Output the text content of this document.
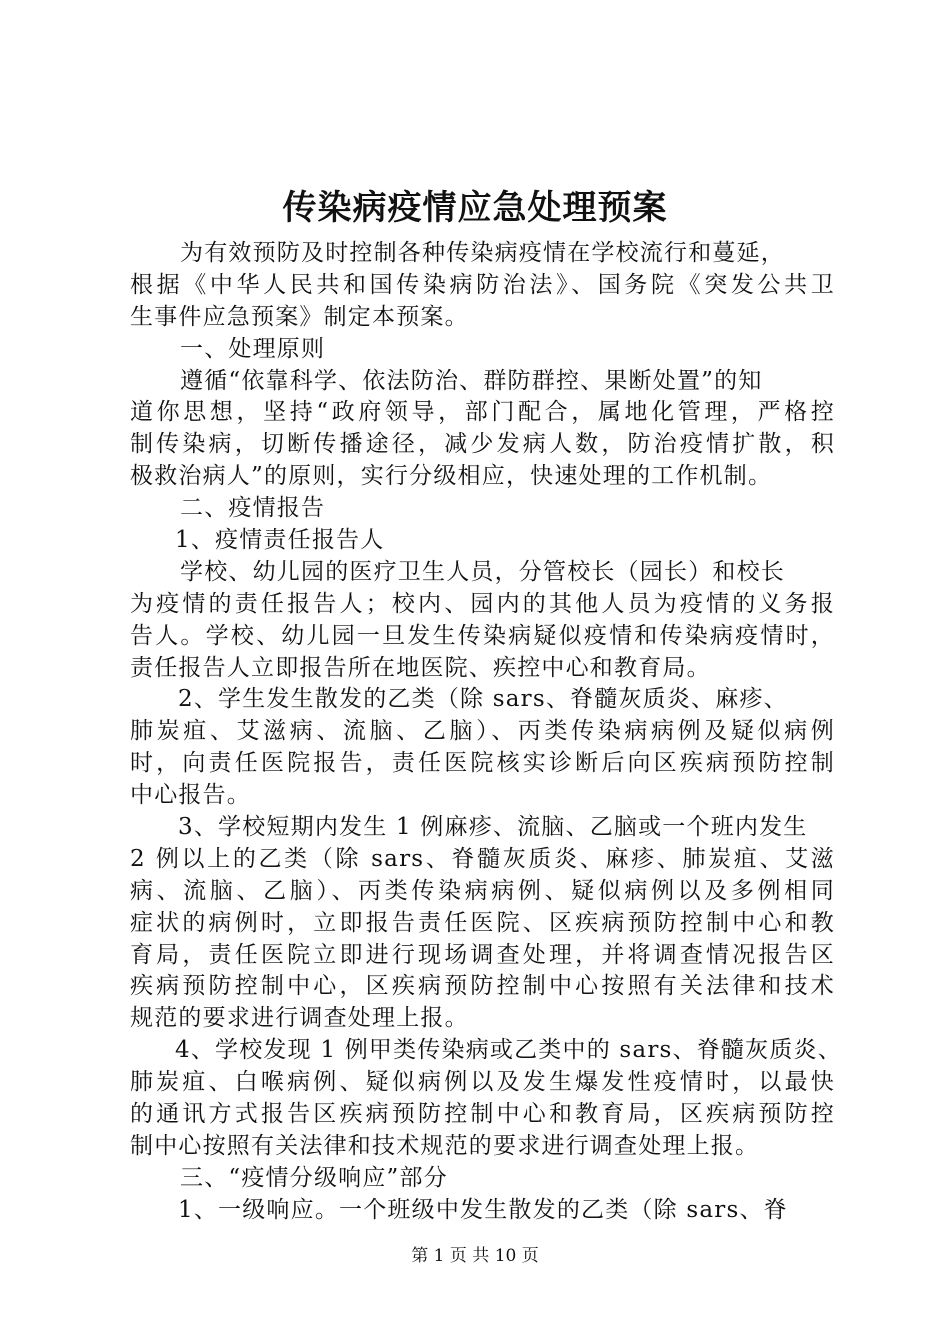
传染病疫情应急处理预案
为有效预防及时控制各种传染病疫情在学校流行和蔓延，
根据《中华人民共和国传染病防治法》、国务院《突发公共卫
生事件应急预案》制定本预案。
一、处理原则
遵循“依靠科学、依法防治、群防群控、果断处置”的知
道你思想，坚持“政府领导，部门配合，属地化管理，严格控
制传染病，切断传播途径，减少发病人数，防治疫情扩散，积
极救治病人”的原则，实行分级相应，快速处理的工作机制。
二、疫情报告
1、疫情责任报告人
学校、幼儿园的医疗卫生人员，分管校长（园长）和校长
为疫情的责任报告人；校内、园内的其他人员为疫情的义务报
告人。学校、幼儿园一旦发生传染病疑似疫情和传染病疫情时，
责任报告人立即报告所在地医院、疾控中心和教育局。
2、学生发生散发的乙类（除 sars、脊髓灰质炎、麻疹、
肺炭疽、艾滋病、流脑、乙脑）、丙类传染病病例及疑似病例
时，向责任医院报告，责任医院核实诊断后向区疾病预防控制
中心报告。
3、学校短期内发生 1 例麻疹、流脑、乙脑或一个班内发生
2 例以上的乙类（除 sars、脊髓灰质炎、麻疹、肺炭疽、艾滋
病、流脑、乙脑）、丙类传染病病例、疑似病例以及多例相同
症状的病例时，立即报告责任医院、区疾病预防控制中心和教
育局，责任医院立即进行现场调查处理，并将调查情况报告区
疾病预防控制中心，区疾病预防控制中心按照有关法律和技术
规范的要求进行调查处理上报。
4、学校发现 1 例甲类传染病或乙类中的 sars、脊髓灰质炎、
肺炭疽、白喉病例、疑似病例以及发生爆发性疫情时，以最快
的通讯方式报告区疾病预防控制中心和教育局，区疾病预防控
制中心按照有关法律和技术规范的要求进行调查处理上报。
三、“疫情分级响应”部分
1、一级响应。一个班级中发生散发的乙类（除 sars、脊
第 1 页 共 10 页
